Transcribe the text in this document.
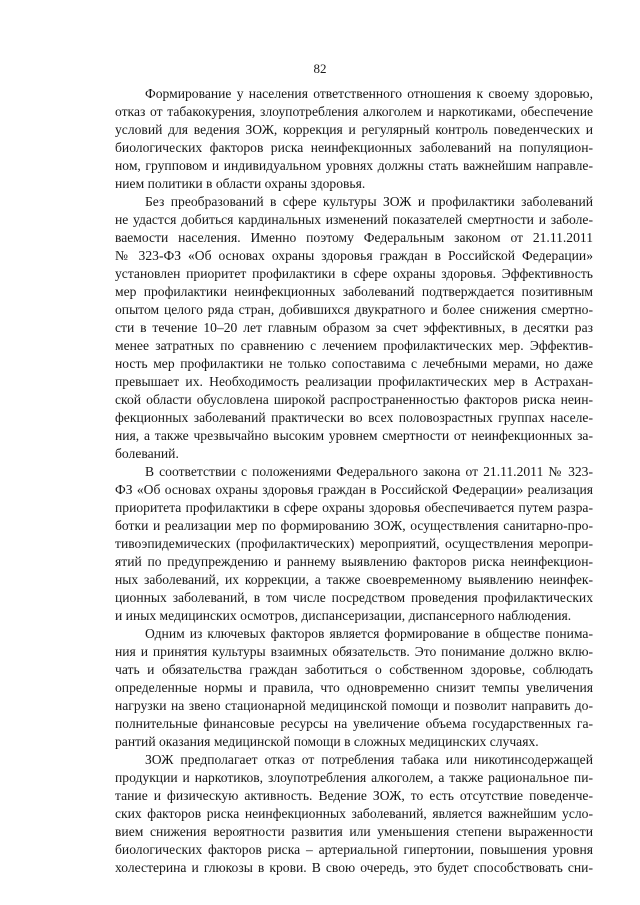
82
Формирование у населения ответственного отношения к своему здоровью,
отказ от табакокурения, злоупотребления алкоголем и наркотиками, обеспечение
условий для ведения ЗОЖ, коррекция и регулярный контроль поведенческих и
биологических факторов риска неинфекционных заболеваний на популяцион-
ном, групповом и индивидуальном уровнях должны стать важнейшим направле-
нием политики в области охраны здоровья.
Без преобразований в сфере культуры ЗОЖ и профилактики заболеваний
не удастся добиться кардинальных изменений показателей смертности и заболе-
ваемости населения. Именно поэтому Федеральным законом от 21.11.2011
№ 323-ФЗ «Об основах охраны здоровья граждан в Российской Федерации»
установлен приоритет профилактики в сфере охраны здоровья. Эффективность
мер профилактики неинфекционных заболеваний подтверждается позитивным
опытом целого ряда стран, добившихся двукратного и более снижения смертно-
сти в течение 10–20 лет главным образом за счет эффективных, в десятки раз
менее затратных по сравнению с лечением профилактических мер. Эффектив-
ность мер профилактики не только сопоставима с лечебными мерами, но даже
превышает их. Необходимость реализации профилактических мер в Астрахан-
ской области обусловлена широкой распространенностью факторов риска неин-
фекционных заболеваний практически во всех половозрастных группах населе-
ния, а также чрезвычайно высоким уровнем смертности от неинфекционных за-
болеваний.
В соответствии с положениями Федерального закона от 21.11.2011 № 323-
ФЗ «Об основах охраны здоровья граждан в Российской Федерации» реализация
приоритета профилактики в сфере охраны здоровья обеспечивается путем разра-
ботки и реализации мер по формированию ЗОЖ, осуществления санитарно-про-
тивоэпидемических (профилактических) мероприятий, осуществления меропри-
ятий по предупреждению и раннему выявлению факторов риска неинфекцион-
ных заболеваний, их коррекции, а также своевременному выявлению неинфек-
ционных заболеваний, в том числе посредством проведения профилактических
и иных медицинских осмотров, диспансеризации, диспансерного наблюдения.
Одним из ключевых факторов является формирование в обществе понима-
ния и принятия культуры взаимных обязательств. Это понимание должно вклю-
чать и обязательства граждан заботиться о собственном здоровье, соблюдать
определенные нормы и правила, что одновременно снизит темпы увеличения
нагрузки на звено стационарной медицинской помощи и позволит направить до-
полнительные финансовые ресурсы на увеличение объема государственных га-
рантий оказания медицинской помощи в сложных медицинских случаях.
ЗОЖ предполагает отказ от потребления табака или никотинсодержащей
продукции и наркотиков, злоупотребления алкоголем, а также рациональное пи-
тание и физическую активность. Ведение ЗОЖ, то есть отсутствие поведенче-
ских факторов риска неинфекционных заболеваний, является важнейшим усло-
вием снижения вероятности развития или уменьшения степени выраженности
биологических факторов риска – артериальной гипертонии, повышения уровня
холестерина и глюкозы в крови. В свою очередь, это будет способствовать сни-
